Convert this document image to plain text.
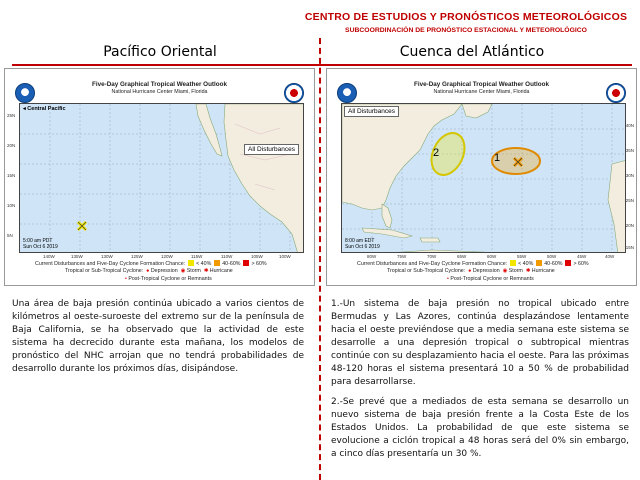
CENTRO DE ESTUDIOS Y PRONÓSTICOS METEOROLÓGICOS
SUBCOORDINACIÓN DE PRONÓSTICO ESTACIONAL Y METEOROLÓGICO
Pacífico Oriental	Cuenca del Atlántico
Five-Day Graphical Tropical Weather Outlook
National Hurricane Center Miami, Florida
◂ Central Pacific
All Disturbances
5:00 am PDT
Sun Oct 6 2019
25N
20N
15N
10N
5N
140W	135W	130W	125W	120W	115W	110W	105W	100W
Current Disturbances and Five-Day Cyclone Formation Chance: < 40% 40-60% > 60%
Tropical or Sub-Tropical Cyclone: ● Depression ◉ Storm ✱ Hurricane
• Post-Tropical Cyclone or Remnants
Five-Day Graphical Tropical Weather Outlook
National Hurricane Center Miami, Florida
All Disturbances
2	1
8:00 am EDT
Sun Oct 6 2019
80W	75W	70W	65W	60W	55W	50W	45W	40W
40N
35N
30N
25N
20N
15N
Current Disturbances and Five-Day Cyclone Formation Chance: < 40% 40-60% > 60%
Tropical or Sub-Tropical Cyclone: ● Depression ◉ Storm ✱ Hurricane
• Post-Tropical Cyclone or Remnants
Una área de baja presión continúa ubicado a varios cientos de kilómetros al oeste-suroeste del extremo sur de la península de Baja California, se ha observado que la actividad de este sistema ha decrecido durante esta mañana, los modelos de pronóstico del NHC arrojan que no tendrá probabilidades de desarrollo durante los próximos días, disipándose.
1.-Un sistema de baja presión no tropical ubicado entre Bermudas y Las Azores, continúa desplazándose lentamente hacia el oeste previéndose que a media semana este sistema se desarrolle a una depresión tropical o subtropical mientras continúe con su desplazamiento hacia el oeste. Para las próximas 48-120 horas el sistema presentará 10 a 50 % de probabilidad para desarrollarse.
2.-Se prevé que a mediados de esta semana se desarrollo un nuevo sistema de baja presión frente a la Costa Este de los Estados Unidos. La probabilidad de que este sistema se evolucione a ciclón tropical a 48 horas será del 0% sin embargo, a cinco días presentaría un 30 %.
